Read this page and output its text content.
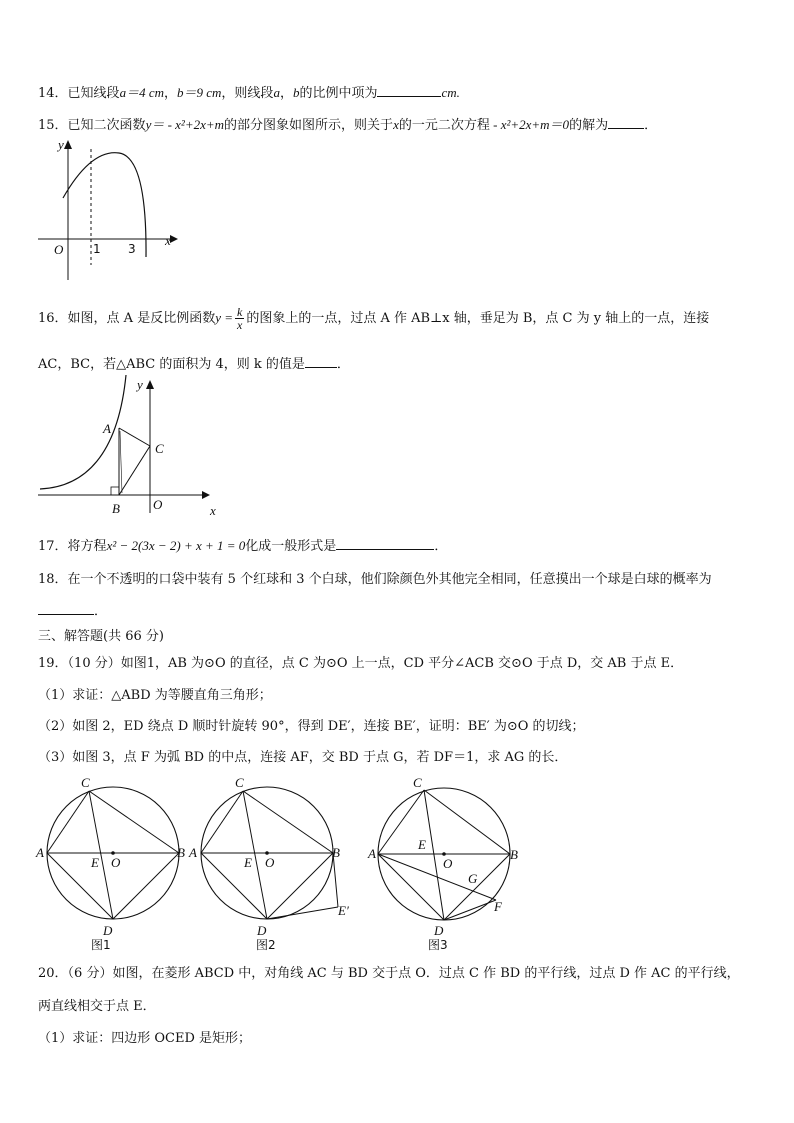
14．已知线段a＝4 cm，b＝9 cm，则线段a，b的比例中项为	cm.
15．已知二次函数y＝ - x²+2x+m的部分图象如图所示，则关于x的一元二次方程 - x²+2x+m＝0的解为	．
y
x
O 1 3
16．如图，点 A 是反比例函数$y = \frac{k}{x}$ 的图象上的一点，过点 A 作 AB⊥x 轴，垂足为 B，点 C 为 y 轴上的一点，连接
AC，BC，若△ABC 的面积为 4，则 k 的值是 ．
y
x
A
B
C
O
17．将方程x² − 2(3x − 2) + x + 1 = 0化成一般形式是	．
18．在一个不透明的口袋中装有 5 个红球和 3 个白球，他们除颜色外其他完全相同，任意摸出一个球是白球的概率为
．
三、解答题(共 66 分)
19．（10 分）如图1，AB 为⊙O 的直径，点 C 为⊙O 上一点，CD 平分∠ACB 交⊙O 于点 D，交 AB 于点 E．
（1）求证：△ABD 为等腰直角三角形；
（2）如图 2，ED 绕点 D 顺时针旋转 90°，得到 DE′，连接 BE′，证明：BE′ 为⊙O 的切线；
（3）如图 3，点 F 为弧 BD 的中点，连接 AF，交 BD 于点 G，若 DF＝1，求 AG 的长．
C
A	B
E O
D
图1
C
A	B
E O
D
E′
图2
C
A	B
E
O
G
F
D
图3
20．（6 分）如图，在菱形 ABCD 中，对角线 AC 与 BD 交于点 O．过点 C 作 BD 的平行线，过点 D 作 AC 的平行线，
两直线相交于点 E．
（1）求证：四边形 OCED 是矩形；
